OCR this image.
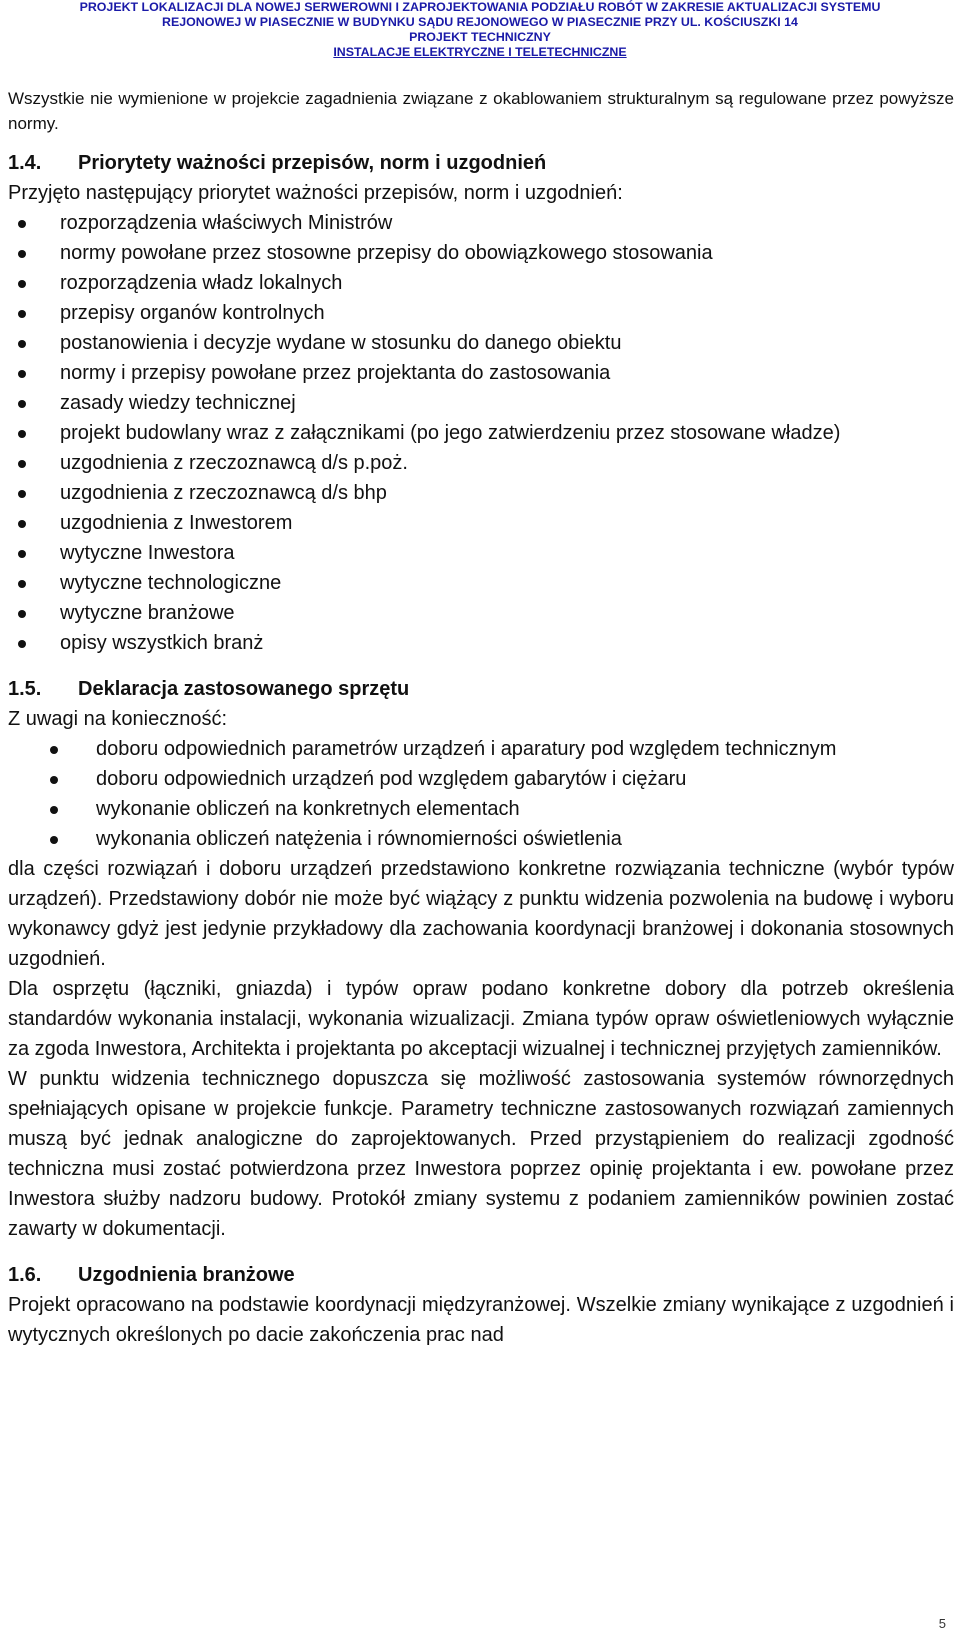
PROJEKT LOKALIZACJI DLA NOWEJ SERWEROWNI I ZAPROJEKTOWANIA PODZIAŁU ROBÓT W ZAKRESIE AKTUALIZACJI SYSTEMU
REJONOWEJ W PIASECZNIE W BUDYNKU SĄDU REJONOWEGO W PIASECZNIE PRZY UL. KOŚCIUSZKI 14
PROJEKT TECHNICZNY
INSTALACJE ELEKTRYCZNE I TELETECHNICZNE

Wszystkie nie wymienione w projekcie zagadnienia związane z okablowaniem strukturalnym są regulowane przez powyższe normy.

1.4. Priorytety ważności przepisów, norm i uzgodnień

Przyjęto następujący priorytet ważności przepisów, norm i uzgodnień:

rozporządzenia właściwych Ministrów
normy powołane przez stosowne przepisy do obowiązkowego stosowania
rozporządzenia władz lokalnych
przepisy organów kontrolnych
postanowienia i decyzje wydane w stosunku do danego obiektu
normy i przepisy powołane przez projektanta do zastosowania
zasady wiedzy technicznej
projekt budowlany wraz z załącznikami (po jego zatwierdzeniu przez stosowane władze)
uzgodnienia z rzeczoznawcą d/s p.poż.
uzgodnienia z rzeczoznawcą d/s bhp
uzgodnienia z Inwestorem
wytyczne Inwestora
wytyczne technologiczne
wytyczne branżowe
opisy wszystkich branż

1.5. Deklaracja zastosowanego sprzętu

Z uwagi na konieczność:

doboru odpowiednich parametrów urządzeń i aparatury pod względem technicznym
doboru odpowiednich urządzeń pod względem gabarytów i ciężaru
wykonanie obliczeń na konkretnych elementach
wykonania obliczeń natężenia i równomierności oświetlenia

dla części rozwiązań i doboru urządzeń przedstawiono konkretne rozwiązania techniczne (wybór typów urządzeń). Przedstawiony dobór nie może być wiążący z punktu widzenia pozwolenia na budowę i wyboru wykonawcy gdyż jest jedynie przykładowy dla zachowania koordynacji branżowej i dokonania stosownych uzgodnień.

Dla osprzętu (łączniki, gniazda) i typów opraw podano konkretne dobory dla potrzeb określenia standardów wykonania instalacji, wykonania wizualizacji. Zmiana typów opraw oświetleniowych wyłącznie za zgoda Inwestora, Architekta i projektanta po akceptacji wizualnej i technicznej przyjętych zamienników.

W punktu widzenia technicznego dopuszcza się możliwość zastosowania systemów równorzędnych spełniających opisane w projekcie funkcje. Parametry techniczne zastosowanych rozwiązań zamiennych muszą być jednak analogiczne do zaprojektowanych. Przed przystąpieniem do realizacji zgodność techniczna musi zostać potwierdzona przez Inwestora poprzez opinię projektanta i ew. powołane przez Inwestora służby nadzoru budowy. Protokół zmiany systemu z podaniem zamienników powinien zostać zawarty w dokumentacji.

1.6. Uzgodnienia branżowe

Projekt opracowano na podstawie koordynacji międzyranżowej. Wszelkie zmiany wynikające z uzgodnień i wytycznych określonych po dacie zakończenia prac nad

5
